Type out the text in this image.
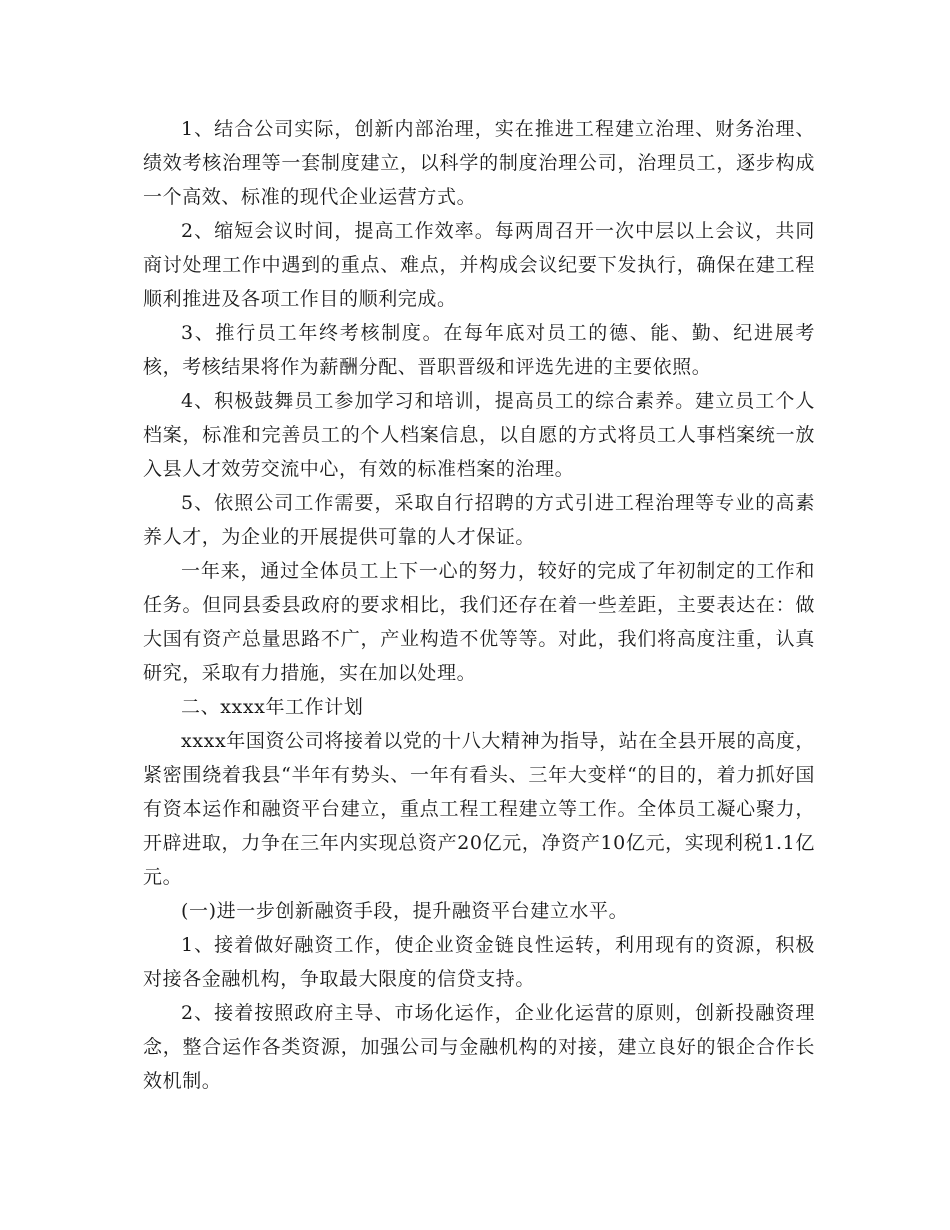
1、结合公司实际，创新内部治理，实在推进工程建立治理、财务治理、绩效考核治理等一套制度建立，以科学的制度治理公司，治理员工，逐步构成一个高效、标准的现代企业运营方式。

2、缩短会议时间，提高工作效率。每两周召开一次中层以上会议，共同商讨处理工作中遇到的重点、难点，并构成会议纪要下发执行，确保在建工程顺利推进及各项工作目的顺利完成。

3、推行员工年终考核制度。在每年底对员工的德、能、勤、纪进展考核，考核结果将作为薪酬分配、晋职晋级和评选先进的主要依照。

4、积极鼓舞员工参加学习和培训，提高员工的综合素养。建立员工个人档案，标准和完善员工的个人档案信息，以自愿的方式将员工人事档案统一放入县人才效劳交流中心，有效的标准档案的治理。

5、依照公司工作需要，采取自行招聘的方式引进工程治理等专业的高素养人才，为企业的开展提供可靠的人才保证。

一年来，通过全体员工上下一心的努力，较好的完成了年初制定的工作和任务。但同县委县政府的要求相比，我们还存在着一些差距，主要表达在：做大国有资产总量思路不广，产业构造不优等等。对此，我们将高度注重，认真研究，采取有力措施，实在加以处理。

二、xxxx年工作计划

xxxx年国资公司将接着以党的十八大精神为指导，站在全县开展的高度，紧密围绕着我县“半年有势头、一年有看头、三年大变样“的目的，着力抓好国有资本运作和融资平台建立，重点工程工程建立等工作。全体员工凝心聚力，开辟进取，力争在三年内实现总资产20亿元，净资产10亿元，实现利税1.1亿元。

(一)进一步创新融资手段，提升融资平台建立水平。

1、接着做好融资工作，使企业资金链良性运转，利用现有的资源，积极对接各金融机构，争取最大限度的信贷支持。

2、接着按照政府主导、市场化运作，企业化运营的原则，创新投融资理念，整合运作各类资源，加强公司与金融机构的对接，建立良好的银企合作长效机制。
